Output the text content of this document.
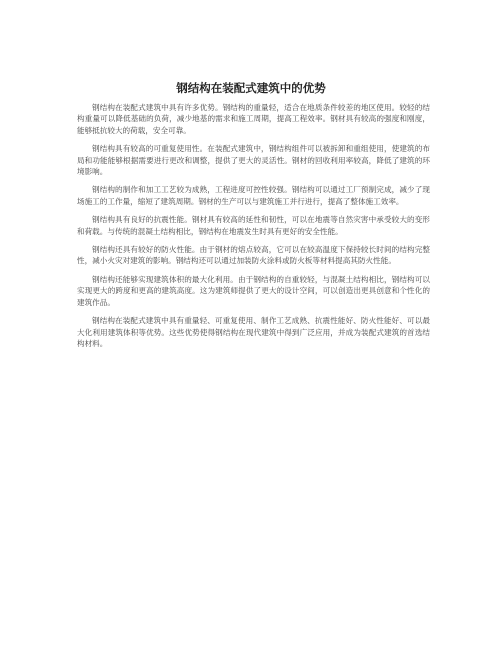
钢结构在装配式建筑中的优势

钢结构在装配式建筑中具有许多优势。钢结构的重量轻，适合在地质条件较差的地区使用。较轻的结构重量可以降低基础的负荷，减少地基的需求和施工周期，提高工程效率。钢材具有较高的强度和刚度，能够抵抗较大的荷载，安全可靠。

钢结构具有较高的可重复使用性。在装配式建筑中，钢结构组件可以被拆卸和重组使用，使建筑的布局和功能能够根据需要进行更改和调整，提供了更大的灵活性。钢材的回收利用率较高，降低了建筑的环境影响。

钢结构的制作和加工工艺较为成熟，工程进度可控性较强。钢结构可以通过工厂预制完成，减少了现场施工的工作量，缩短了建筑周期。钢材的生产可以与建筑施工并行进行，提高了整体施工效率。

钢结构具有良好的抗震性能。钢材具有较高的延性和韧性，可以在地震等自然灾害中承受较大的变形和荷载。与传统的混凝土结构相比，钢结构在地震发生时具有更好的安全性能。

钢结构还具有较好的防火性能。由于钢材的熔点较高，它可以在较高温度下保持较长时间的结构完整性，减小火灾对建筑的影响。钢结构还可以通过加装防火涂料或防火板等材料提高其防火性能。

钢结构还能够实现建筑体积的最大化利用。由于钢结构的自重较轻，与混凝土结构相比，钢结构可以实现更大的跨度和更高的建筑高度。这为建筑师提供了更大的设计空间，可以创造出更具创意和个性化的建筑作品。

钢结构在装配式建筑中具有重量轻、可重复使用、制作工艺成熟、抗震性能好、防火性能好、可以最大化利用建筑体积等优势。这些优势使得钢结构在现代建筑中得到广泛应用，并成为装配式建筑的首选结构材料。
